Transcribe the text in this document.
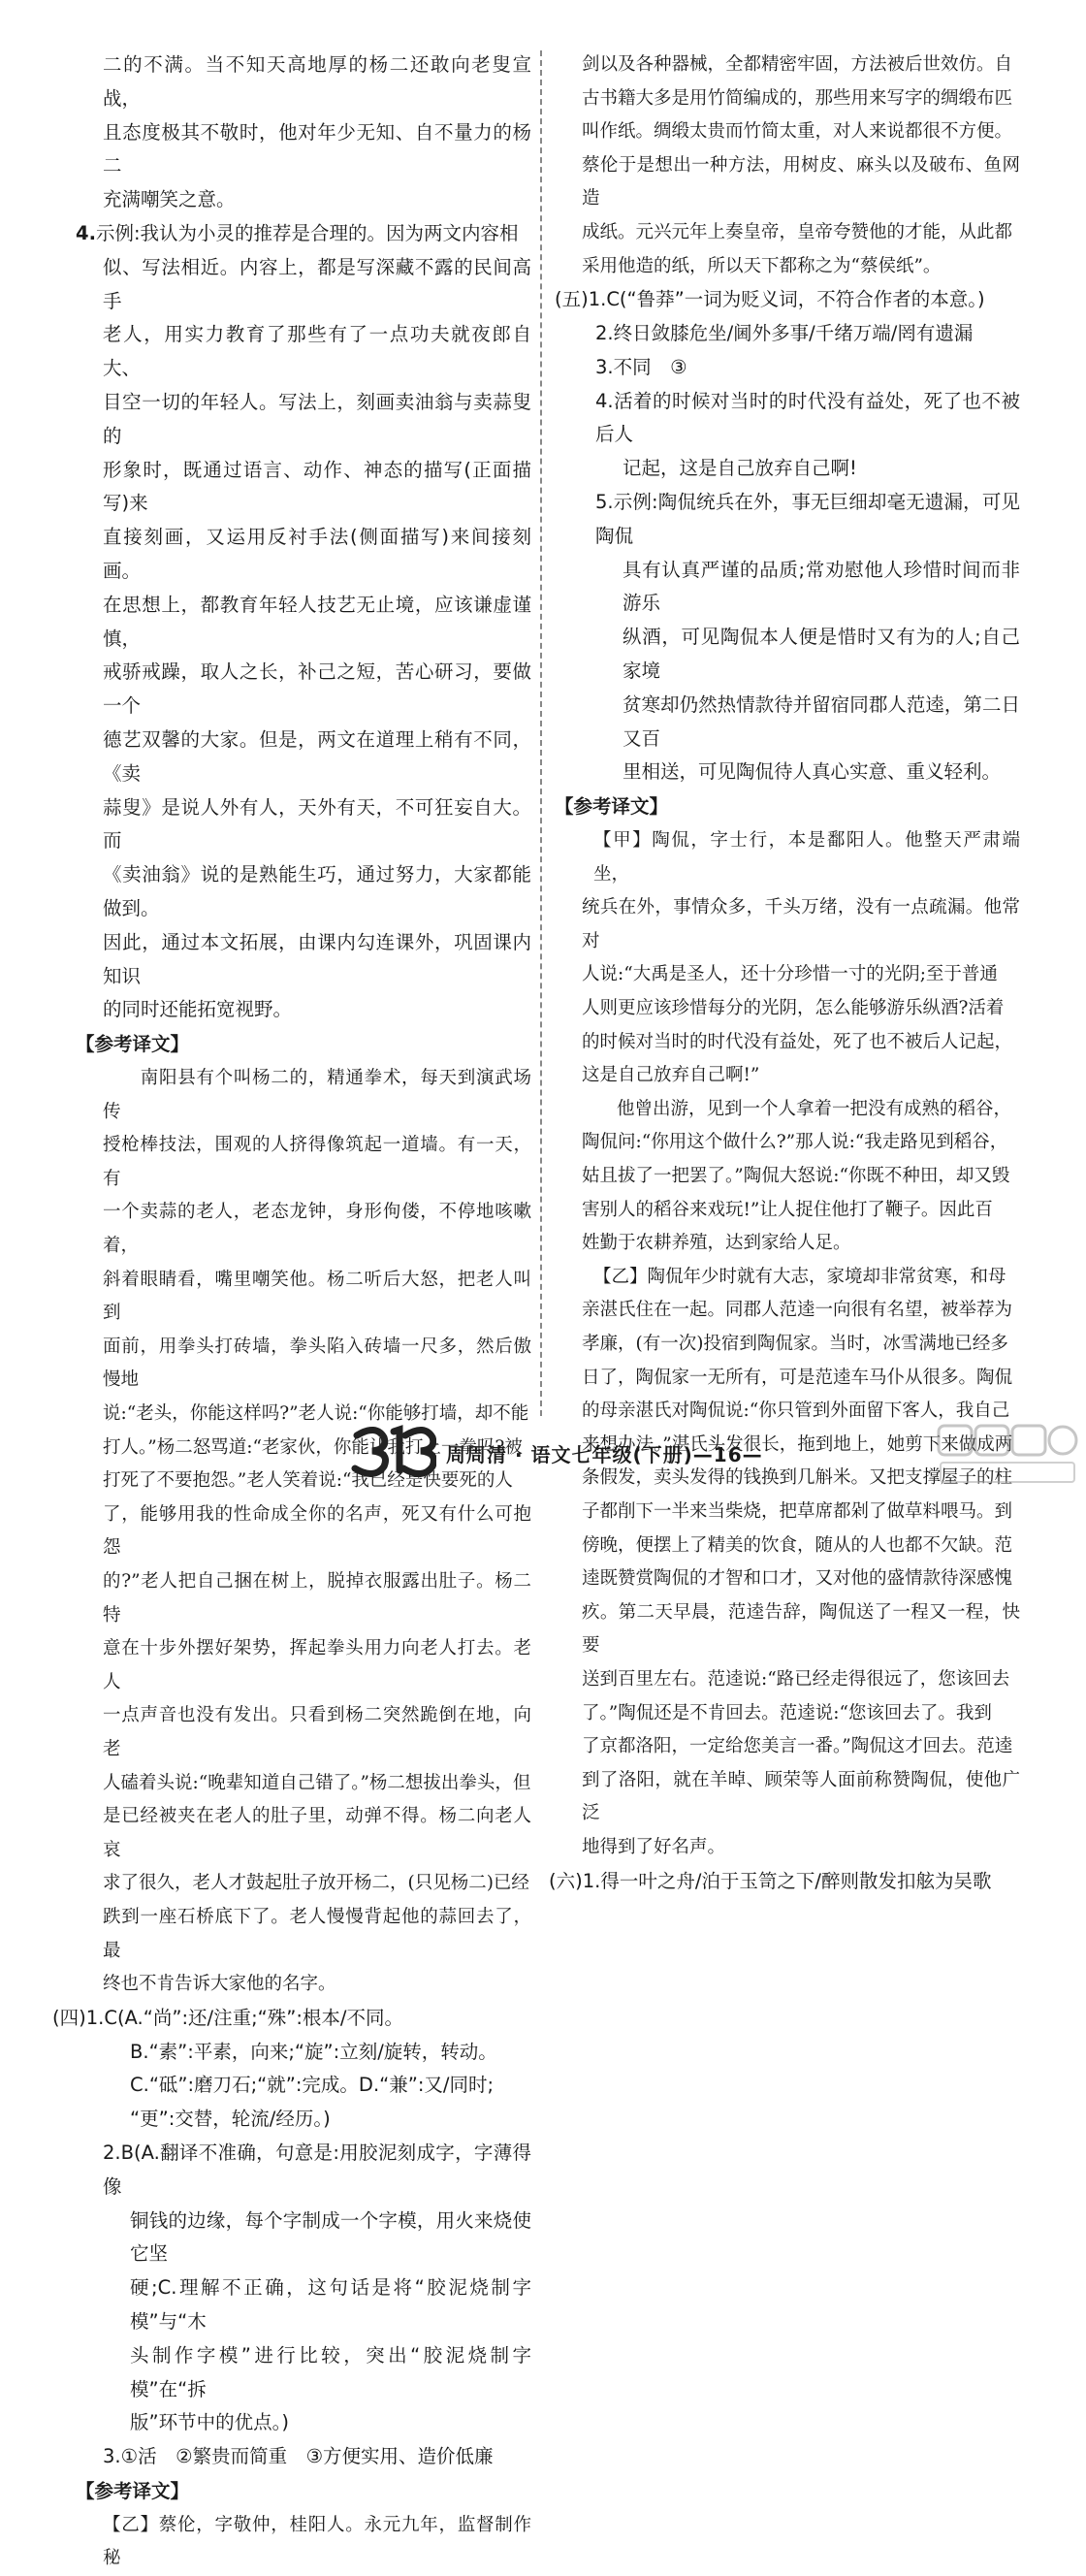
二的不满。当不知天高地厚的杨二还敢向老叟宣战，

且态度极其不敬时，他对年少无知、自不量力的杨二

充满嘲笑之意。

4.示例:我认为小灵的推荐是合理的。因为两文内容相

似、写法相近。内容上，都是写深藏不露的民间高手

老人，用实力教育了那些有了一点功夫就夜郎自大、

目空一切的年轻人。写法上，刻画卖油翁与卖蒜叟的

形象时，既通过语言、动作、神态的描写(正面描写)来

直接刻画，又运用反衬手法(侧面描写)来间接刻画。

在思想上，都教育年轻人技艺无止境，应该谦虚谨慎，

戒骄戒躁，取人之长，补己之短，苦心研习，要做一个

德艺双馨的大家。但是，两文在道理上稍有不同，《卖

蒜叟》是说人外有人，天外有天，不可狂妄自大。而

《卖油翁》说的是熟能生巧，通过努力，大家都能做到。

因此，通过本文拓展，由课内勾连课外，巩固课内知识

的同时还能拓宽视野。

【参考译文】

南阳县有个叫杨二的，精通拳术，每天到演武场传

授枪棒技法，围观的人挤得像筑起一道墙。有一天，有

一个卖蒜的老人，老态龙钟，身形佝偻，不停地咳嗽着，

斜着眼睛看，嘴里嘲笑他。杨二听后大怒，把老人叫到

面前，用拳头打砖墙，拳头陷入砖墙一尺多，然后傲慢地

说:“老头，你能这样吗?”老人说:“你能够打墙，却不能

打人。”杨二怒骂道:“老家伙，你能让我打上一拳吗?被

打死了不要抱怨。”老人笑着说:“我已经是快要死的人

了，能够用我的性命成全你的名声，死又有什么可抱怨

的?”老人把自己捆在树上，脱掉衣服露出肚子。杨二特

意在十步外摆好架势，挥起拳头用力向老人打去。老人

一点声音也没有发出。只看到杨二突然跪倒在地，向老

人磕着头说:“晚辈知道自己错了。”杨二想拔出拳头，但

是已经被夹在老人的肚子里，动弹不得。杨二向老人哀

求了很久，老人才鼓起肚子放开杨二，(只见杨二)已经

跌到一座石桥底下了。老人慢慢背起他的蒜回去了，最

终也不肯告诉大家他的名字。

(四)1.C(A.“尚”:还/注重;“殊”:根本/不同。

B.“素”:平素，向来;“旋”:立刻/旋转，转动。

C.“砥”:磨刀石;“就”:完成。D.“兼”:又/同时;

“更”:交替，轮流/经历。)

2.B(A.翻译不准确，句意是:用胶泥刻成字，字薄得像

铜钱的边缘，每个字制成一个字模，用火来烧使它坚

硬;C.理解不正确，这句话是将“胶泥烧制字模”与“木

头制作字模”进行比较，突出“胶泥烧制字模”在“拆

版”环节中的优点。)

3.①活　②繁贵而简重　③方便实用、造价低廉

【参考译文】

【乙】蔡伦，字敬仲，桂阳人。永元九年，监督制作秘

剑以及各种器械，全都精密牢固，方法被后世效仿。自

古书籍大多是用竹简编成的，那些用来写字的绸缎布匹

叫作纸。绸缎太贵而竹简太重，对人来说都很不方便。

蔡伦于是想出一种方法，用树皮、麻头以及破布、鱼网造

成纸。元兴元年上奏皇帝，皇帝夸赞他的才能，从此都

采用他造的纸，所以天下都称之为“蔡侯纸”。

(五)1.C(“鲁莽”一词为贬义词，不符合作者的本意。)

2.终日敛膝危坐/阃外多事/千绪万端/罔有遗漏

3.不同　③

4.活着的时候对当时的时代没有益处，死了也不被后人

记起，这是自己放弃自己啊!

5.示例:陶侃统兵在外，事无巨细却毫无遗漏，可见陶侃

具有认真严谨的品质;常劝慰他人珍惜时间而非游乐

纵酒，可见陶侃本人便是惜时又有为的人;自己家境

贫寒却仍然热情款待并留宿同郡人范逵，第二日又百

里相送，可见陶侃待人真心实意、重义轻利。

【参考译文】

【甲】陶侃，字士行，本是鄱阳人。他整天严肃端坐，

统兵在外，事情众多，千头万绪，没有一点疏漏。他常对

人说:“大禹是圣人，还十分珍惜一寸的光阴;至于普通

人则更应该珍惜每分的光阴，怎么能够游乐纵酒?活着

的时候对当时的时代没有益处，死了也不被后人记起，

这是自己放弃自己啊!”

他曾出游，见到一个人拿着一把没有成熟的稻谷，

陶侃问:“你用这个做什么?”那人说:“我走路见到稻谷，

姑且拔了一把罢了。”陶侃大怒说:“你既不种田，却又毁

害别人的稻谷来戏玩!”让人捉住他打了鞭子。因此百

姓勤于农耕养殖，达到家给人足。

【乙】陶侃年少时就有大志，家境却非常贫寒，和母

亲湛氏住在一起。同郡人范逵一向很有名望，被举荐为

孝廉，(有一次)投宿到陶侃家。当时，冰雪满地已经多

日了，陶侃家一无所有，可是范逵车马仆从很多。陶侃

的母亲湛氏对陶侃说:“你只管到外面留下客人，我自己

来想办法。”湛氏头发很长，拖到地上，她剪下来做成两

条假发，卖头发得的钱换到几斛米。又把支撑屋子的柱

子都削下一半来当柴烧，把草席都剁了做草料喂马。到

傍晚，便摆上了精美的饮食，随从的人也都不欠缺。范

逵既赞赏陶侃的才智和口才，又对他的盛情款待深感愧

疚。第二天早晨，范逵告辞，陶侃送了一程又一程，快要

送到百里左右。范逵说:“路已经走得很远了，您该回去

了。”陶侃还是不肯回去。范逵说:“您该回去了。我到

了京都洛阳，一定给您美言一番。”陶侃这才回去。范逵

到了洛阳，就在羊晫、顾荣等人面前称赞陶侃，使他广泛

地得到了好名声。

(六)1.得一叶之舟/泊于玉笥之下/醉则散发扣舷为吴歌

周周清 · 语文七年级(下册)—16—
